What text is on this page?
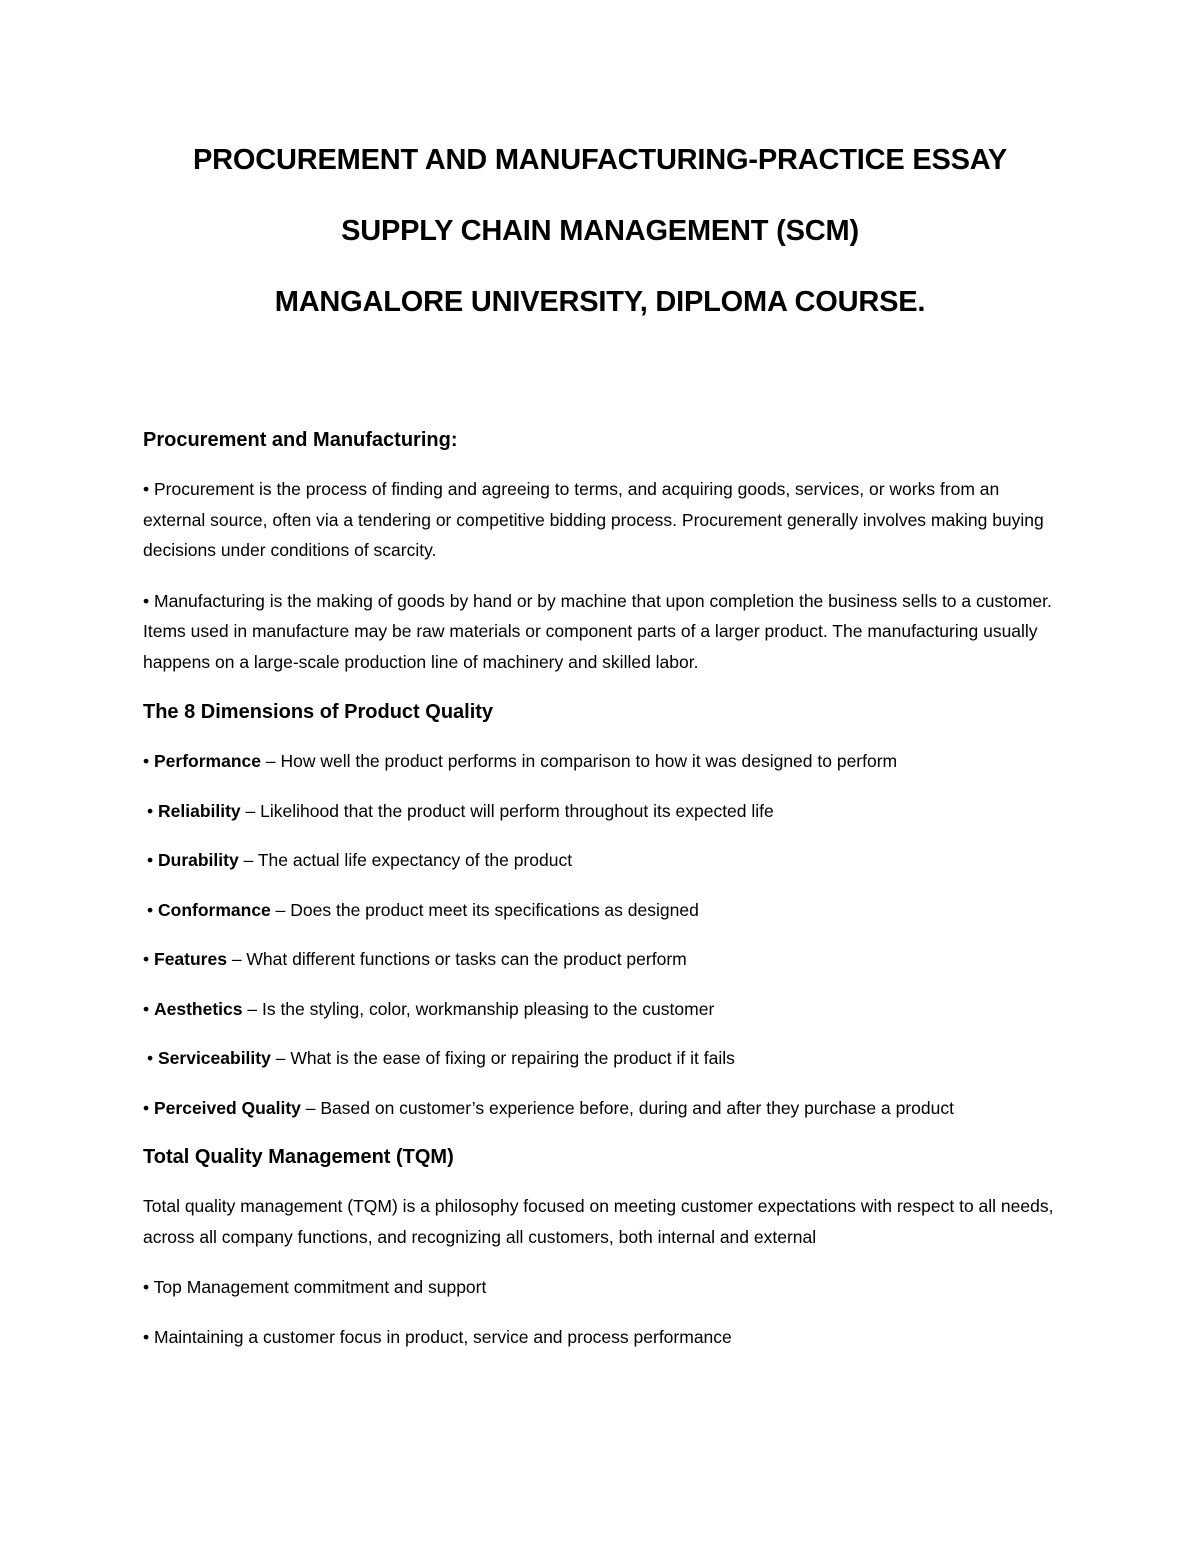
PROCUREMENT AND MANUFACTURING-PRACTICE ESSAY

SUPPLY CHAIN MANAGEMENT (SCM)

MANGALORE UNIVERSITY, DIPLOMA COURSE.

Procurement and Manufacturing:

• Procurement is the process of finding and agreeing to terms, and acquiring goods, services, or works from an external source, often via a tendering or competitive bidding process. Procurement generally involves making buying decisions under conditions of scarcity.

• Manufacturing is the making of goods by hand or by machine that upon completion the business sells to a customer. Items used in manufacture may be raw materials or component parts of a larger product. The manufacturing usually happens on a large-scale production line of machinery and skilled labor.

The 8 Dimensions of Product Quality

• Performance – How well the product performs in comparison to how it was designed to perform

• Reliability – Likelihood that the product will perform throughout its expected life

• Durability – The actual life expectancy of the product

• Conformance – Does the product meet its specifications as designed

• Features – What different functions or tasks can the product perform

• Aesthetics – Is the styling, color, workmanship pleasing to the customer

• Serviceability – What is the ease of fixing or repairing the product if it fails

• Perceived Quality – Based on customer’s experience before, during and after they purchase a product

Total Quality Management (TQM)

Total quality management (TQM) is a philosophy focused on meeting customer expectations with respect to all needs, across all company functions, and recognizing all customers, both internal and external

• Top Management commitment and support

• Maintaining a customer focus in product, service and process performance
